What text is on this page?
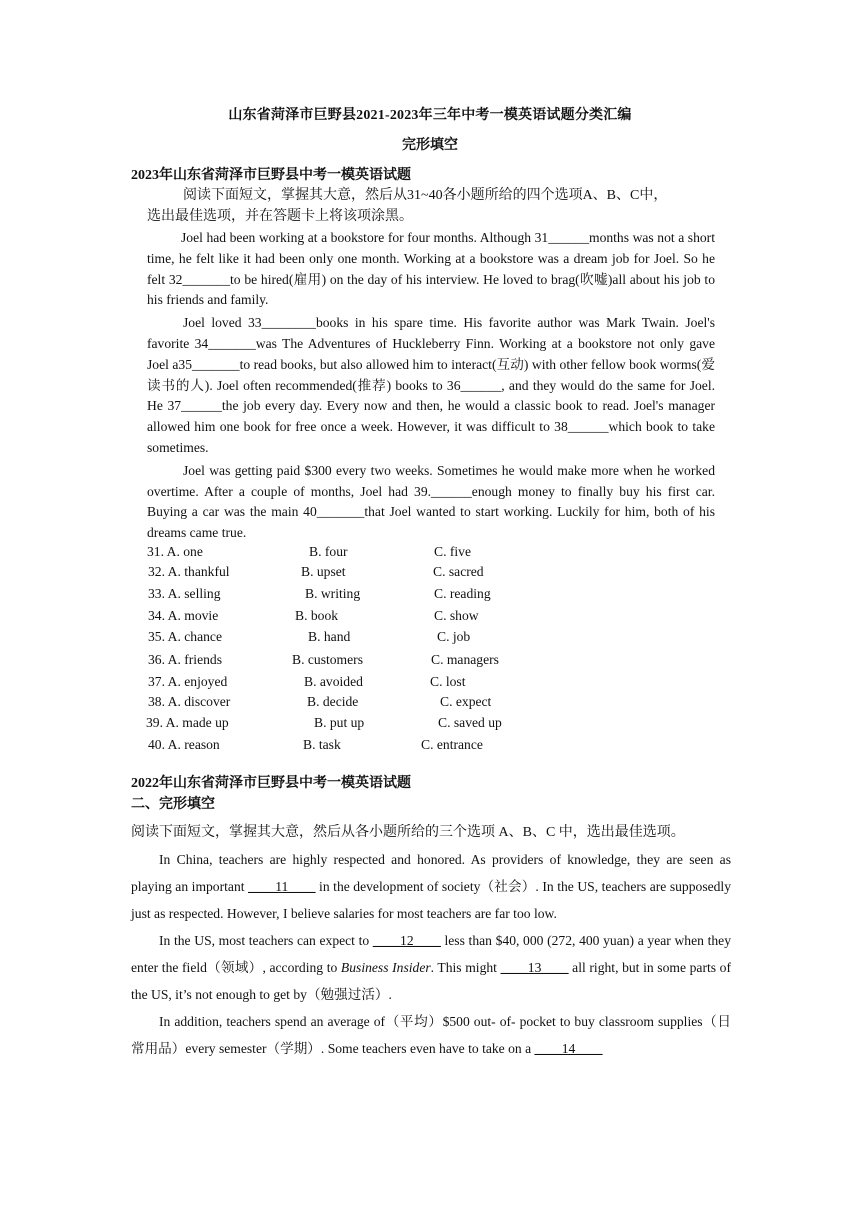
山东省菏泽市巨野县2021-2023年三年中考一模英语试题分类汇编
完形填空
2023年山东省菏泽市巨野县中考一模英语试题
阅读下面短文，掌握其大意，然后从31~40各小题所给的四个选项A、B、C中，
选出最佳选项，并在答题卡上将该项涂黑。

Joel had been working at a bookstore for four months. Although 31______months was not a short time, he felt like it had been only one month. Working at a bookstore was a dream job for Joel. So he felt 32_______to be hired(雇用) on the day of his interview. He loved to brag(吹嘘)all about his job to his friends and family.

Joel loved 33________books in his spare time. His favorite author was Mark Twain. Joel's favorite 34_______was The Adventures of Huckleberry Finn. Working at a bookstore not only gave Joel a35_______to read books, but also allowed him to interact(互动) with other fellow book worms(爱读书的人). Joel often recommended(推荐) books to 36______, and they would do the same for Joel. He 37______the job every day. Every now and then, he would a classic book to read. Joel's manager allowed him one book for free once a week. However, it was difficult to 38______which book to take sometimes.

Joel was getting paid $300 every two weeks. Sometimes he would make more when he worked overtime. After a couple of months, Joel had 39.______enough money to finally buy his first car. Buying a car was the main 40_______that Joel wanted to start working. Luckily for him, both of his dreams came true.

31. A. one	B. four	C. five
32. A. thankful	B. upset	C. sacred
33. A. selling	B. writing	C. reading
34. A. movie	B. book	C. show
35. A. chance	B. hand	C. job
36. A. friends	B. customers	C. managers
37. A. enjoyed	B. avoided	C. lost
38. A. discover	B. decide	C. expect
39. A. made up	B. put up	C. saved up
40. A. reason	B. task	C. entrance
2022年山东省菏泽市巨野县中考一模英语试题
二、完形填空
阅读下面短文，掌握其大意，然后从各小题所给的三个选项 A、B、C 中，选出最佳选项。

In China, teachers are highly respected and honored. As providers of knowledge, they are seen as playing an important ____11____ in the development of society（社会）. In the US, teachers are supposedly just as respected. However, I believe salaries for most teachers are far too low.

In the US, most teachers can expect to ____12____ less than $40, 000 (272, 400 yuan) a year when they enter the field（领域）, according to Business Insider. This might ____13____ all right, but in some parts of the US, it’s not enough to get by（勉强过活）.

In addition, teachers spend an average of（平均）$500 out- of- pocket to buy classroom supplies（日常用品）every semester（学期）. Some teachers even have to take on a ____14____
